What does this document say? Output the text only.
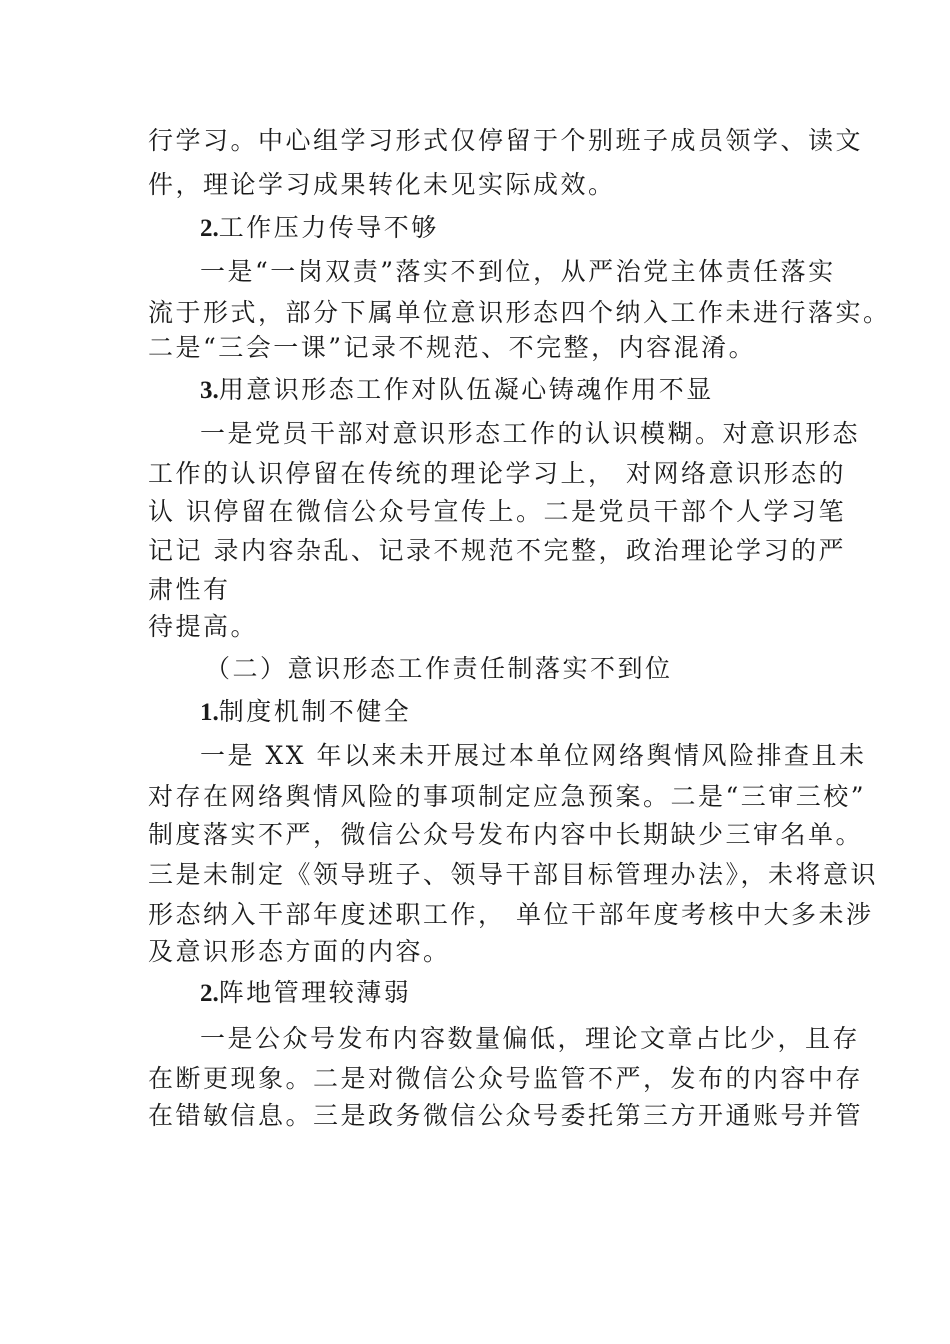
行学习。中心组学习形式仅停留于个别班子成员领学、读文
件，理论学习成果转化未见实际成效。
2.工作压力传导不够
一是“一岗双责”落实不到位，从严治党主体责任落实
流于形式，部分下属单位意识形态四个纳入工作未进行落实。
二是“三会一课”记录不规范、不完整，内容混淆。
3.用意识形态工作对队伍凝心铸魂作用不显
一是党员干部对意识形态工作的认识模糊。对意识形态
工作的认识停留在传统的理论学习上， 对网络意识形态的
认 识停留在微信公众号宣传上。二是党员干部个人学习笔
记记 录内容杂乱、记录不规范不完整，政治理论学习的严
肃性有
待提高。
（二）意识形态工作责任制落实不到位
1.制度机制不健全
一是 XX 年以来未开展过本单位网络舆情风险排查且未
对存在网络舆情风险的事项制定应急预案。二是“三审三校”
制度落实不严，微信公众号发布内容中长期缺少三审名单。
三是未制定《领导班子、领导干部目标管理办法》，未将意识
形态纳入干部年度述职工作， 单位干部年度考核中大多未涉
及意识形态方面的内容。
2.阵地管理较薄弱
一是公众号发布内容数量偏低，理论文章占比少，且存
在断更现象。二是对微信公众号监管不严，发布的内容中存
在错敏信息。三是政务微信公众号委托第三方开通账号并管
